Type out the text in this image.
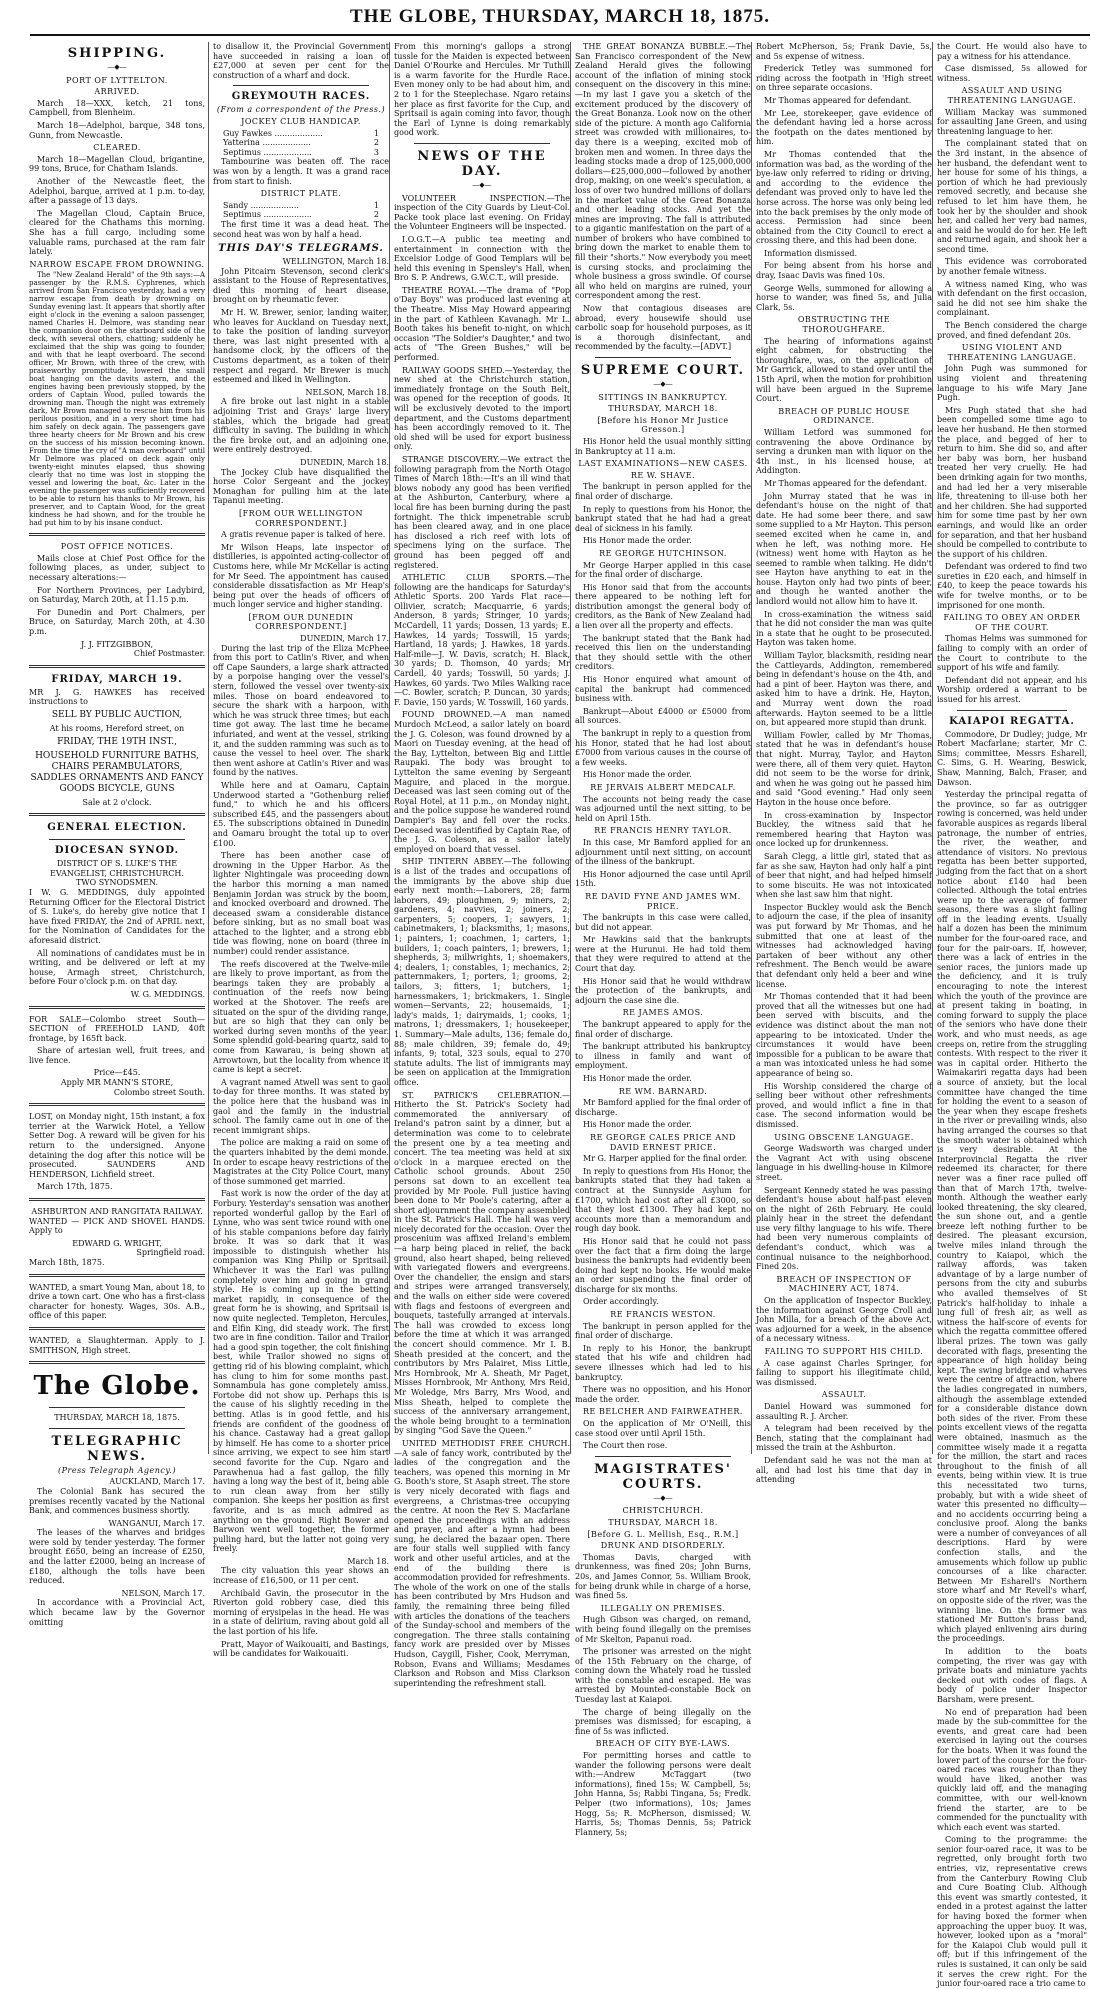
THE GLOBE, THURSDAY, MARCH 18, 1875.
SHIPPING.
—◆—
PORT OF LYTTELTON.
ARRIVED.

March 18—XXX, ketch, 21 tons, Campbell, from Blenheim.

March 18—Adelphoi, barque, 348 tons, Gunn, from Newcastle.

CLEARED.

March 18—Magellan Cloud, brigantine, 99 tons, Bruce, for Chatham Islands.

Another of the Newcastle fleet, the Adelphoi, barque, arrived at 1 p.m. to-day, after a passage of 13 days.

The Magellan Cloud, Captain Bruce, cleared for the Chathams this morning. She has a full cargo, including some valuable rams, purchased at the ram fair lately.

NARROW ESCAPE FROM DROWNING.

The "New Zealand Herald" of the 9th says:—A passenger by the R.M.S. Cyphrenes, which arrived from San Francisco yesterday, had a very narrow escape from death by drowning on Sunday evening last. It appears that shortly after eight o'clock in the evening a saloon passenger, named Charles H. Delmore, was standing near the companion door on the starboard side of the deck, with several others, chatting; suddenly he exclaimed that the ship was going to founder, and with that he leapt overboard. The second officer, Mr Brown, with three of the crew, with praiseworthy promptitude, lowered the small boat hanging on the davits astern, and the engines having been previously stopped, by the orders of Captain Wood, pulled towards the drowning man. Though the night was extremely dark, Mr Brown managed to rescue him from his perilous position, and in a very short time had him safely on deck again. The passengers gave three hearty cheers for Mr Brown and his crew on the success of his mission becoming known. From the time the cry of "A man overboard" until Mr Delmore was placed on deck again only twenty-eight minutes elapsed, thus showing clearly that no time was lost in stopping the vessel and lowering the boat, &c. Later in the evening the passenger was sufficiently recovered to be able to return his thanks to Mr Brown, his preserver, and to Captain Wood, for the great kindness he had shown, and for the trouble he had put him to by his insane conduct.

POST OFFICE NOTICES.

Mails close at Chief Post Office for the following places, as under, subject to necessary alterations:—

For Northern Provinces, per Ladybird, on Saturday, March 20th, at 11.15 p.m.

For Dunedin and Port Chalmers, per Bruce, on Saturday, March 20th, at 4.30 p.m.

J. J. FITZGIBBON,
Chief Postmaster.
FRIDAY, MARCH 19.

MR J. G. HAWKES has received instructions to

SELL BY PUBLIC AUCTION,
At his rooms, Hereford street, on
FRIDAY, THE 19TH INST.,
HOUSEHOLD FURNITURE BATHS, CHAIRS PERAMBULATORS, SADDLES ORNAMENTS AND FANCY GOODS BICYCLE, GUNS
Sale at 2 o'clock.
GENERAL ELECTION.
DIOCESAN SYNOD.
DISTRICT OF S. LUKE'S THE EVANGELIST, CHRISTCHURCH.
TWO SYNODSMEN.

I W. G. MEDDINGS, duly appointed Returning Officer for the Electoral District of S. Luke's, do hereby give notice that I have fixed FRIDAY, the 2nd of APRIL next, for the Nomination of Candidates for the aforesaid district.

All nominations of candidates must be in writing, and be delivered or left at my house, Armagh street, Christchurch, before Four o'clock p.m. on that day.

W. G. MEDDINGS.

FOR SALE—Colombo street South—SECTION of FREEHOLD LAND, 40ft frontage, by 165ft back.

Share of artesian well, fruit trees, and live fence.

Price—£45.
Apply MR MANN'S STORE,
Colombo street South.

LOST, on Monday night, 15th instant, a fox terrier at the Warwick Hotel, a Yellow Setter Dog. A reward will be given for his return to the undersigned. Anyone detaining the dog after this notice will be prosecuted. SAUNDERS AND HENDERSON, Lichfield street.

March 17th, 1875.

ASHBURTON AND RANGITATA RAILWAY.

WANTED — PICK AND SHOVEL HANDS. Apply to

EDWARD G. WRIGHT,
Springfield road.

March 18th, 1875.

WANTED, a smart Young Man, about 18, to drive a town cart. One who has a first-class character for honesty. Wages, 30s. A.B., office of this paper.

WANTED, a Slaughterman. Apply to J. SMITHSON, High street.

The Globe.
THURSDAY, MARCH 18, 1875.
TELEGRAPHIC NEWS.
(Press Telegraph Agency.)
AUCKLAND, March 17.

The Colonial Bank has secured the premises recently vacated by the National Bank, and commences business shortly.

WANGANUI, March 17.

The leases of the wharves and bridges were sold by tender yesterday. The former brought £650, being an increase of £250, and the latter £2000, being an increase of £180, although the tolls have been reduced.

NELSON, March 17.

In accordance with a Provincial Act, which became law by the Governor omitting

to disallow it, the Provincial Government have succeeded in raising a loan of £27,000 at seven per cent for the construction of a wharf and dock.

GREYMOUTH RACES.
(From a correspondent of the Press.)
JOCKEY CLUB HANDICAP.
Guy Fawkes ...................	1
Yatterina ...................	2
Septimus ...................	3

Tambourine was beaten off. The race was won by a length. It was a grand race from start to finish.

DISTRICT PLATE.
Sandy ...................	1
Septimus ...................	2

The first time it was a dead heat. The second heat was won by half a head.

THIS DAY'S TELEGRAMS.
WELLINGTON, March 18.

John Pitcairn Stevenson, second clerk's assistant to the House of Representatives, died this morning of heart disease, brought on by rheumatic fever.

Mr H. W. Brewer, senior, landing waiter, who leaves for Auckland on Tuesday next, to take the position of landing surveyor there, was last night presented with a handsome clock, by the officers of the Customs department, as a token of their respect and regard. Mr Brewer is much esteemed and liked in Wellington.

NELSON, March 18.

A fire broke out last night in a stable adjoining Trist and Grays' large livery stables, which the brigade had great difficulty in saving. The building in which the fire broke out, and an adjoining one, were entirely destroyed.

DUNEDIN, March 18.

The Jockey Club have disqualified the horse Color Sergeant and the jockey Monaghan for pulling him at the late Tapanui meeting.

[FROM OUR WELLINGTON CORRESPONDENT.]

A gratis revenue paper is talked of here.

Mr Wilson Heaps, late inspector of distilleries, is appointed acting-collector of Customs here, while Mr McKellar is acting for Mr Seed. The appointment has caused considerable dissatisfaction as Mr Heap's being put over the heads of officers of much longer service and higher standing.

[FROM OUR DUNEDIN CORRESPONDENT.]
DUNEDIN, March 17.

During the last trip of the Eliza McPhee from this port to Catlin's River, and when off Cape Saunders, a large shark attracted by a porpoise hanging over the vessel's stern, followed the vessel over twenty-six miles. Those on board endeavored to secure the shark with a harpoon, with which he was struck three times; but each time got away. The last time he became infuriated, and went at the vessel, striking it, and the sudden ramming was such as to cause the vessel to heel over. The shark then went ashore at Catlin's River and was found by the natives.

While here and at Oamaru, Captain Underwood started a "Gothenburg relief fund," to which he and his officers subscribed £45, and the passengers about £5. The subscriptions obtained in Dunedin and Oamaru brought the total up to over £100.

There has been another case of drowning in the Upper Harbor. As the lighter Nightingale was proceeding down the harbor this morning a man named Benjamin Jordan was struck by the boom, and knocked overboard and drowned. The deceased swam a considerable distance before sinking, but as no small boat was attached to the lighter, and a strong ebb tide was flowing, none on board (three in number) could render assistance.

The reefs discovered at the Twelve-mile are likely to prove important, as from the bearings taken they are probably a continuation of the reefs now being worked at the Shotover. The reefs are situated on the spur of the dividing range, but are so high that they can only be worked during seven months of the year. Some splendid gold-bearing quartz, said to come from Kawarau, is being shown at Arrowtown, but the locality from whence it came is kept a secret.

A vagrant named Atwell was sent to gaol to-day for three months. It was stated by the police here that the husband was in gaol and the family in the industrial school. The family came out in one of the recent immigrant ships.

The police are making a raid on some of the quarters inhabited by the demi monde. In order to escape heavy restrictions of the Magistrates at the City Police Court, many of those summoned get married.

Fast work is now the order of the day at Forbury. Yesterday's sensation was another reported wonderful gallop by the Earl of Lynne, who was sent twice round with one of his stable companions before day fairly broke. It was so dark that it was impossible to distinguish whether his companion was King Philip or Spritsail. Whichever it was the Earl was pulling completely over him and going in grand style. He is coming up in the betting market rapidly, in consequence of the great form he is showing, and Spritsail is now quite neglected. Templeton, Hercules, and Elfin King, did steady work. The first two are in fine condition. Tailor and Trailor had a good spin together, the colt finishing best, while Trailor showed no signs of getting rid of his blowing complaint, which has clung to him for some months past. Somnambula has gone completely amiss. Fortobe did not show up. Perhaps this is the cause of his slightly receding in the betting. Atlas is in good fettle, and his friends are confident of the goodness of his chance. Castaway had a great gallop by himself. He has come to a shorter price since arriving, we expect to see him start second favorite for the Cup. Ngaro and Parawhenua had a fast gallop, the filly having a long way the best of it, being able to run clean away from her stilly companion. She keeps her position as first favorite, and is as much admired as anything on the ground. Right Bower and Barwon went well together, the former pulling hard, but the latter not going very freely.

March 18.

The city valuation this year shows an increase of £16,500, or 11 per cent.

Archibald Gavin, the prosecutor in the Riverton gold robbery case, died this morning of erysipelas in the head. He was in a state of delirium, raving about gold all the last portion of his life.

Pratt, Mayor of Waikouaiti, and Bastings, will be candidates for Waikouaiti.

From this morning's gallops a strong tussle for the Maiden is expected between Daniel O'Rourke and Hercules. Mr Tuthill is a warm favorite for the Hurdle Race. Even money only to be had about him, and 2 to 1 for the Steeplechase. Ngaro retains her place as first favorite for the Cup, and Spritsail is again coming into favor, though the Earl of Lynne is doing remarkably good work.

NEWS OF THE DAY.
—◆—

VOLUNTEER INSPECTION.—The inspection of the City Guards by Lieut-Col. Packe took place last evening. On Friday the Volunteer Engineers will be inspected.

I.O.G.T.—A public tea meeting and entertainment in connection with the Excelsior Lodge of Good Templars will be held this evening in Spensley's Hall, when Bro S. P. Andrews, G.W.C.T., will preside.

THEATRE ROYAL.—The drama of "Pop o'Day Boys" was produced last evening at the Theatre. Miss May Howard appearing in the part of Kathleen Kavanagh. Mr L. Booth takes his benefit to-night, on which occasion "The Soldier's Daughter," and two acts of "The Green Bushes," will be performed.

RAILWAY GOODS SHED.—Yesterday, the new shed at the Christchurch station, immediately frontage on the South Belt, was opened for the reception of goods. It will be exclusively devoted to the import department, and the Customs department has been accordingly removed to it. The old shed will be used for export business only.

STRANGE DISCOVERY.—We extract the following paragraph from the North Otago Times of March 18th:—It's an ill wind that blows nobody any good has been verified at the Ashburton, Canterbury, where a local fire has been burning during the past fortnight. The thick impenetrable scrub has been cleared away, and in one place has disclosed a rich reef with lots of specimens lying on the surface. The ground has been pegged off and registered.

ATHLETIC CLUB SPORTS.—The following are the handicaps for Saturday's Athletic Sports. 200 Yards Flat race—Ollivier, scratch; Macquarrie, 6 yards; Anderson, 8 yards; Stringer, 10 yards; McCardell, 11 yards; Dossen, 13 yards; E. Hawkes, 14 yards; Tosswill, 15 yards; Hartland, 18 yards; J. Hawkes, 18 yards. Half-mile—J. W. Davis, scratch; H. Black, 30 yards; D. Thomson, 40 yards; Mr Cardell, 40 yards; Tosswill, 50 yards; J. Hawkes, 60 yards. Two Miles Walking race—C. Bowler, scratch; P. Duncan, 30 yards; F. Davie, 150 yards; W. Tosswill, 160 yards.

FOUND DROWNED.—A man named Murdoch McLeod, a sailor lately on board the J. G. Coleson, was found drowned by a Maori on Tuesday evening, at the head of the Bay, Lyttelton, between Big and Little Raupaki. The body was brought to Lyttelton the same evening by Sergeant Maguire, and placed in the morgue. Deceased was last seen coming out of the Royal Hotel, at 11 p.m., on Monday night, and the police suppose he wandered round Dampier's Bay and fell over the rocks. Deceased was identified by Captain Rae, of the J. G. Coleson, as a sailor lately employed on board that vessel.

SHIP TINTERN ABBEY.—The following is a list of the trades and occupations of the immigrants by the above ship due early next month:—Laborers, 28; farm laborers, 49; ploughmen, 9; miners, 2; gardeners, 4; navvies, 2; joiners, 2; carpenters, 5; coopers, 1; sawyers, 1; cabinetmakers, 1; blacksmiths, 1; masons, 1; painters, 1; coachmen, 1; carters, 1; builders, 1; coach painters, 1; brewers, 1; shepherds, 3; millwrights, 1; shoemakers, 4; dealers, 1; constables, 1; mechanics, 2; patternmakers, 1; porters, 1; grooms, 2; tailors, 3; fitters, 1; butchers, 1; harnessmakers, 1; brickmakers, 1. Single women—Servants, 22; housemaids, 1; lady's maids, 1; dairymaids, 1; cooks, 1; matrons, 1; dressmakers, 1; housekeeper, 1. Summary—Male adults, 136; female do, 88; male children, 39; female do, 49; infants, 9; total, 323 souls, equal to 270 statute adults. The list of immigrants may be seen on application at the Immigration office.

ST. PATRICK'S CELEBRATION.—Hitherto the St. Patrick's Society had commemorated the anniversary of Ireland's patron saint by a dinner, but a determination was come to to celebrate the present one by a tea meeting and concert. The tea meeting was held at six o'clock in a marquee erected on the Catholic school grounds. About 250 persons sat down to an excellent tea provided by Mr Poole. Full justice having been done to Mr Poole's catering, after a short adjournment the company assembled in the St. Patrick's Hall. The hall was very nicely decorated for the occasion. Over the proscenium was affixed Ireland's emblem—a harp being placed in relief, the back ground, also heart shaped, being relieved with variegated flowers and evergreens. Over the chandelier, the ensign and stars and stripes were arranged transversely, and the walls on either side were covered with flags and festoons of evergreen and bouquets, tastefully arranged at intervals. The hall was crowded to excess long before the time at which it was arranged the concert should commence. Mr I. B. Sheath presided at the concert, and the contributors by Mrs Palairet, Miss Little, Mrs Hornbrook, Mr A. Sheath, Mr Paget, Misses Hornbrook, Mr Anthony, Mrs Reid, Mr Woledge, Mrs Barry, Mrs Wood, and Miss Sheath, helped to complete the success of the anniversary arrangement, the whole being brought to a termination by singing "God Save the Queen."

UNITED METHODIST FREE CHURCH.—A sale of fancy work, contributed by the ladies of the congregation and the teachers, was opened this morning in Mr G. Booth's store, St Asaph street. The store is very nicely decorated with flags and evergreens, a Christmas-tree occupying the centre. At noon the Rev S. Macfarlane opened the proceedings with an address and prayer, and after a hymn had been sung, he declared the bazaar open. There are four stalls well supplied with fancy work and other useful articles, and at the end of the building there is accommodation provided for refreshments. The whole of the work on one of the stalls has been contributed by Mrs Hudson and family, the remaining three being filled with articles the donations of the teachers of the Sunday-school and members of the congregation. The three stalls containing fancy work are presided over by Misses Hudson, Caygill, Fisher, Cook, Merryman, Robson, Evans and Williams; Mesdames Clarkson and Robson and Miss Clarkson superintending the refreshment stall.

THE GREAT BONANZA BUBBLE.—The San Francisco correspondent of the New Zealand Herald gives the following account of the inflation of mining stock consequent on the discovery in this mine:—In my last I gave you a sketch of the excitement produced by the discovery of the Great Bonanza. Look now on the other side of the picture. A month ago California street was crowded with millionaires, to-day there is a weeping, excited mob of broken men and women. In three days the leading stocks made a drop of 125,000,000 dollars—£25,000,000—followed by another drop, making, on one week's speculation, a loss of over two hundred millions of dollars in the market value of the Great Bonanza and other leading stocks. And yet the mines are improving. The fall is attributed to a gigantic manifestation on the part of a number of brokers who have combined to bring down the market to enable them to fill their "shorts." Now everybody you meet is cursing stocks, and proclaiming the whole business a gross swindle. Of course all who held on margins are ruined, your correspondent among the rest.

Now that contagious diseases are abroad, every housewife should use carbolic soap for household purposes, as it is a thorough disinfectant, and recommended by the faculty.—[ADVT.]

SUPREME COURT.
—◆—
SITTINGS IN BANKRUPTCY.
THURSDAY, MARCH 18.
[Before his Honor Mr Justice Gresson.]

His Honor held the usual monthly sitting in Bankruptcy at 11 a.m.

LAST EXAMINATIONS—NEW CASES.
RE W. SHAVE.

The bankrupt in person applied for the final order of discharge.

In reply to questions from his Honor, the bankrupt stated that he had had a great deal of sickness in his family.

His Honor made the order.

RE GEORGE HUTCHINSON.

Mr George Harper applied in this case for the final order of discharge.

His Honor said that from the accounts there appeared to be nothing left for distribution amongst the general body of creditors, as the Bank of New Zealand had a lien over all the property and effects.

The bankrupt stated that the Bank had received this lien on the understanding that they should settle with the other creditors.

His Honor enquired what amount of capital the bankrupt had commenced business with.

Bankrupt—About £4000 or £5000 from all sources.

The bankrupt in reply to a question from his Honor, stated that he had lost about £7000 from various causes in the course of a few weeks.

His Honor made the order.

RE JERVAIS ALBERT MEDCALF.

The accounts not being ready the case was adjourned until the next sitting, to be held on April 15th.

RE FRANCIS HENRY TAYLOR.

In this case, Mr Bamford applied for an adjournment until next sitting, on account of the illness of the bankrupt.

His Honor adjourned the case until April 15th.

RE DAVID FYNE AND JAMES WM. PRICE.

The bankrupts in this case were called, but did not appear.

Mr Hawkins said that the bankrupts were at the Hurunui. He had told them that they were required to attend at the Court that day.

His Honor said that he would withdraw the protection of the bankrupts, and adjourn the case sine die.

RE JAMES AMOS.

The bankrupt appeared to apply for the final order of discharge.

The bankrupt attributed his bankruptcy to illness in family and want of employment.

His Honor made the order.

RE WM. BARNARD.

Mr Bamford applied for the final order of discharge.

His Honor made the order.

RE GEORGE CALES PRICE AND DAVID ERNEST PRICE.

Mr G. Harper applied for the final order.

In reply to questions from His Honor, the bankrupts stated that they had taken a contract at the Sunnyside Asylum for £1700, which had cost after all £3000, so that they lost £1300. They had kept no accounts more than a memorandum and rough day book.

His Honor said that he could not pass over the fact that a firm doing the large business the bankrupts had evidently been doing had kept no books. He would make an order suspending the final order of discharge for six months.

Order accordingly.

RE FRANCIS WESTON.

The bankrupt in person applied for the final order of discharge.

In reply to his Honor, the bankrupt stated that his wife and children had severe illnesses which had led to his bankruptcy.

There was no opposition, and his Honor made the order.

RE BELCHER AND FAIRWEATHER.

On the application of Mr O'Neill, this case stood over until April 15th.

The Court then rose.

MAGISTRATES' COURTS.
—◆—
CHRISTCHURCH.
THURSDAY, MARCH 18.
[Before G. L. Mellish, Esq., R.M.]
DRUNK AND DISORDERLY.

Thomas Davis, charged with drunkenness, was fined 20s; John Burns, 20s, and James Connor, 5s. William Brook, for being drunk while in charge of a horse, was fined 5s.

ILLEGALLY ON PREMISES.

Hugh Gibson was charged, on remand, with being found illegally on the premises of Mr Skelton, Papanui road.

The prisoner was arrested on the night of the 15th February on the charge, of coming down the Whately road he tussled with the constable and escaped. He was arrested by Mounted-constable Bock on Tuesday last at Kaiapoi.

The charge of being illegally on the premises was dismissed; for escaping, a fine of 5s was inflicted.

BREACH OF CITY BYE-LAWS.

For permitting horses and cattle to wander the following persons were dealt with:—Andrew McTaggart (two informations), fined 15s; W. Campbell, 5s; John Hanna, 5s; Rabbi Tingana, 5s; Fredk. Pelper (two informations), 10s; James Hogg, 5s; R. McPherson, dismissed; W. Harris, 5s; Thomas Dennis, 5s; Patrick Flannery, 5s;

Robert McPherson, 5s; Frank Davie, 5s, and 5s expense of witness.

Frederick Tetley was summoned for riding across the footpath in 'High street on three separate occasions.

Mr Thomas appeared for defendant.

Mr Lee, storekeeper, gave evidence of the defendant having led a horse across the footpath on the dates mentioned by him.

Mr Thomas contended that the information was bad, as the wording of the bye-law only referred to riding or driving, and according to the evidence the defendant was proved only to have led the horse across. The horse was only being led into the back premises by the only mode of access. Permission had since been obtained from the City Council to erect a crossing there, and this had been done.

Information dismissed.

For being absent from his horse and dray, Isaac Davis was fined 10s.

George Wells, summoned for allowing a horse to wander, was fined 5s, and Julia Clark, 5s.

OBSTRUCTING THE THOROUGHFARE.

The hearing of informations against eight cabmen, for obstructing the thoroughfare, was, on the application of Mr Garrick, allowed to stand over until the 15th April, when the motion for prohibition will have been argued in the Supreme Court.

BREACH OF PUBLIC HOUSE ORDINANCE.

William Letford was summoned for contravening the above Ordinance by serving a drunken man with liquor on the 4th inst., in his licensed house, at Addington.

Mr Thomas appeared for the defendant.

John Murray stated that he was in defendant's house on the night of that date. He had some beer there, and saw some supplied to a Mr Hayton. This person seemed excited when he came in, and when he left, was nothing more. He (witness) went home with Hayton as he seemed to ramble when talking. He didn't see Hayton have anything to eat in the house. Hayton only had two pints of beer, and though he wanted another the landlord would not allow him to have it.

In cross-examination the witness said that he did not consider the man was quite in a state that he ought to be prosecuted. Hayton was taken home.

William Taylor, blacksmith, residing near the Cattleyards, Addington, remembered being in defendant's house on the 4th, and had a pint of beer. Hayton was there, and asked him to have a drink. He, Hayton, and Murray went down the road afterwards. Hayton seemed to be a little on, but appeared more stupid than drunk.

William Fowler, called by Mr Thomas, stated that he was in defendant's house that night. Murray, Taylor, and Hayton were there, all of them very quiet. Hayton did not seem to be the worse for drink, and when he was going out he passed him and said "Good evening." Had only seen Hayton in the house once before.

In cross-examination by Inspector Buckley, the witness said that he remembered hearing that Hayton was once locked up for drunkenness.

Sarah Clegg, a little girl, stated that as far as she saw, Hayton had only half a pint of beer that night, and had helped himself to some biscuits. He was not intoxicated when she last saw him that night.

Inspector Buckley would ask the Bench to adjourn the case, if the plea of insanity was put forward by Mr Thomas, and he submitted that one at least of the witnesses had acknowledged having partaken of beer without any other refreshment. The Bench would be aware that defendant only held a beer and wine license.

Mr Thomas contended that it had been proved that all the witnesses but one had been served with biscuits, and the evidence was distinct about the man not appearing to be intoxicated. Under the circumstances it would have been impossible for a publican to be aware that a man was intoxicated unless he had some appearance of being so.

His Worship considered the charge of selling beer without other refreshments proved, and would inflict a fine in that case. The second information would be dismissed.

USING OBSCENE LANGUAGE.

George Wadsworth was charged under the Vagrant Act with using obscene language in his dwelling-house in Kilmore street.

Sergeant Kennedy stated he was passing defendant's house about half-past eleven on the night of 26th February. He could plainly hear in the street the defendant use very filthy language to his wife. There had been very numerous complaints of defendant's conduct, which was a continual nuisance to the neighborhood. Fined 20s.

BREACH OF INSPECTION OF MACHINERY ACT, 1874.

On the application of Inspector Buckley, the information against George Croll and John Milla, for a breach of the above Act, was adjourned for a week, in the absence of a necessary witness.

FAILING TO SUPPORT HIS CHILD.

A case against Charles Springer, for failing to support his illegitimate child, was dismissed.

ASSAULT.

Daniel Howard was summoned for assaulting R. J. Archer.

A telegram had been received by the Bench, stating that the complainant had missed the train at the Ashburton.

Defendant said he was not the man at all, and had lost his time that day in attending

the Court. He would also have to pay a witness for his attendance.

Case dismissed, 5s allowed for witness.

ASSAULT AND USING THREATENING LANGUAGE.

William Mackay was summoned for assaulting Jane Green, and using threatening language to her.

The complainant stated that on the 3rd instant, in the absence of her husband, the defendant went to her house for some of his things, a portion of which he had previously removed secretly, and because she refused to let him have them, he took her by the shoulder and shook her, and called her very bad names, and said he would do for her. He left and returned again, and shook her a second time.

This evidence was corroborated by another female witness.

A witness named King, who was with defendant on the first occasion, said he did not see him shake the complainant.

The Bench considered the charge proved, and fined defendant 20s.

USING VIOLENT AND THREATENING LANGUAGE.

John Pugh was summoned for using violent and threatening language to his wife Mary Jane Pugh.

Mrs Pugh stated that she had been compelled some time ago to leave her husband. He then stormed the place, and begged of her to return to him. She did so, and after her baby was born, her husband treated her very cruelly. He had been drinking again for two months, and had led her a very miserable life, threatening to ill-use both her and her children. She had supported him for some time past by her own earnings, and would like an order for separation, and that her husband should be compelled to contribute to the support of his children.

Defendant was ordered to find two sureties in £20 each, and himself in £40, to keep the peace towards his wife for twelve months, or to be imprisoned for one month.

FAILING TO OBEY AN ORDER OF THE COURT.

Thomas Helms was summoned for failing to comply with an order of the Court to contribute to the support of his wife and family.

Defendant did not appear, and his Worship ordered a warrant to be issued for his arrest.

KAIAPOI REGATTA.

Commodore, Dr Dudley; judge, Mr Robert Macfarlane; starter, Mr C. Sims; committee, Messrs Esharell, C. Sims, G. H. Wearing, Beswick, Shaw, Manning, Balch, Fraser, and Dawson.

Yesterday the principal regatta of the province, so far as outrigger rowing is concerned, was held under favorable auspices as regards liberal patronage, the number of entries, the river, the weather, and attendance of visitors. No previous regatta has been better supported, judging from the fact that on a short notice about £140 had been collected. Although the total entries were up to the average of former seasons, there was a slight falling off in the leading events. Usually half a dozen has been the minimum number for the four-oared race, and four for the pair-oars. If, however, there was a lack of entries in the senior races, the juniors made up the deficiency, and it is truly encouraging to note the interest which the youth of the province are at present taking in boating, in coming forward to supply the place of the seniors who have done their work, and who must needs, as age creeps on, retire from the struggling contests. With respect to the river it was in capital order. Hitherto the Waimakariri regatta days had been a source of anxiety, but the local committee have changed the time for holding the event to a season of the year when they escape freshets in the river or prevailing winds, also having arranged the courses so that the smooth water is obtained which is very desirable. At the Interprovincial Regatta the river redeemed its character, for there never was a finer race pulled off than that of March 17th, twelve-month. Although the weather early looked threatening, the sky cleared, the sun shone out, and a gentle breeze left nothing further to be desired. The pleasant excursion, twelve miles inland through the country to Kaiapoi, which the railway affords, was taken advantage of by a large number of persons from the city and suburbs who availed themselves of St Patrick's half-holiday to inhale a lung full of fresh air, as well as witness the half-score of events for which the regatta committee offered liberal prizes. The town was gaily decorated with flags, presenting the appearance of high holiday being kept. The swing bridge and wharves were the centre of attraction, where the ladies congregated in numbers, although the assemblage extended for a considerable distance down both sides of the river. From these points excellent views of the regatta were obtained, inasmuch as the committee wisely made it a regatta for the million, the start and races throughout to the finish of all events, being within view. It is true this necessitated two turns, probably, but with a wide sheet of water this presented no difficulty—and no accidents occurring being a conclusive proof. Along the banks were a number of conveyances of all descriptions. Hard by were confection stalls, and the amusements which follow up public concourses of a like character. Between Mr Esharell's Northern store wharf and Mr Revell's wharf, on opposite side of the river, was the winning line. On the former was stationed Mr Button's brass band, which played enlivening airs during the proceedings.

In addition to the boats competing, the river was gay with private boats and miniature yachts decked out with codes of flags. A body of police under Inspector Barsham, were present.

No end of preparation had been made by the sub-committee for the events, and great care had been exercised in laying out the courses for the boats. When it was found the lower part of the course for the four-oared races was rougher than they would have liked, another was quickly laid off, and the managing committee, with our well-known friend the starter, are to be commended for the punctuality with which each event was started.

Coming to the programme: the senior four-oared race, it was to be regretted, only brought forth two entries, viz, representative crews from the Canterbury Rowing Club and Cure Boating Club. Although this event was smartly contested, it ended in a protest against the latter for having boxed the former when approaching the upper buoy. It was, however, looked upon as a "moral" for the Kaiapoi Club would pull it off; but if this infringement of the rules is sustained, it can only be said it serves the crew right. For the junior four-oared race a trio came to
